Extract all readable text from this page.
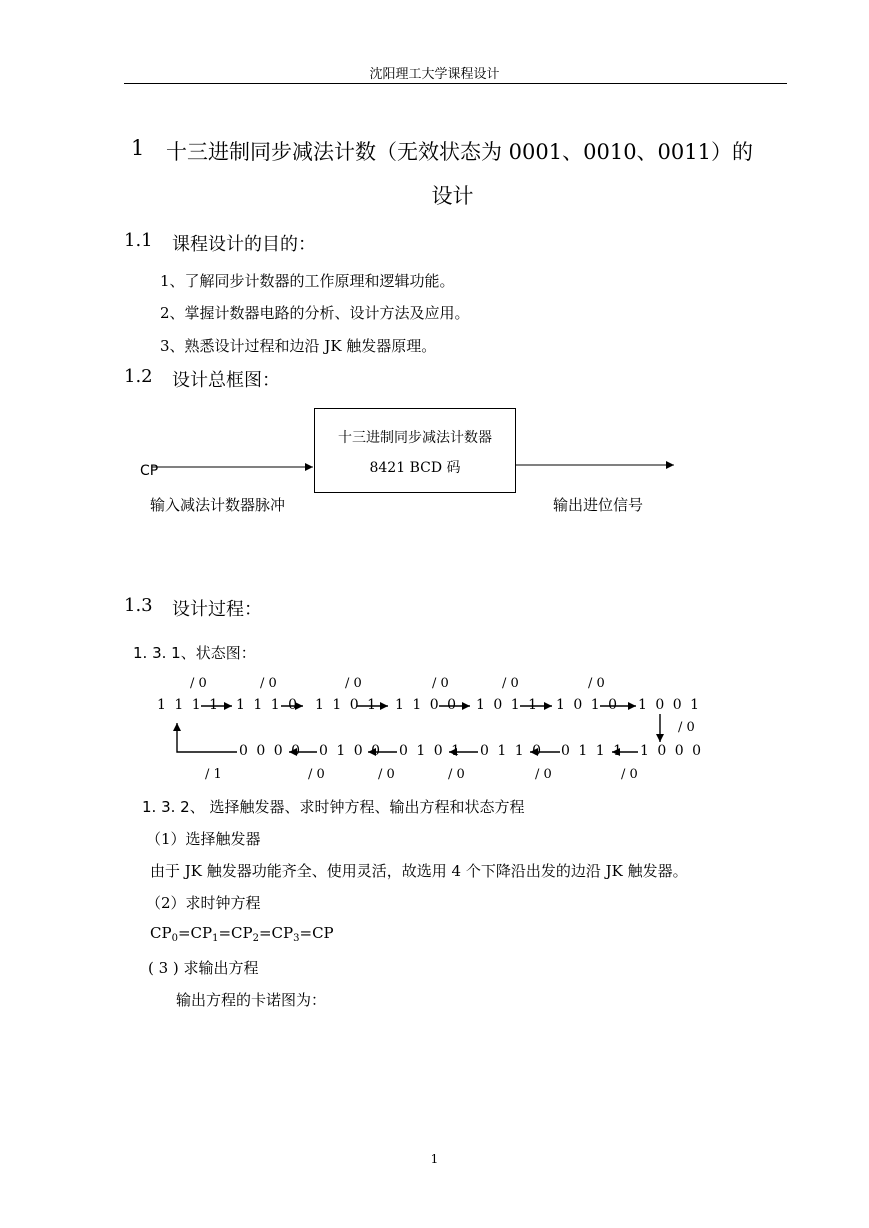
沈阳理工大学课程设计
1 十三进制同步减法计数（无效状态为 0001、0010、0011）的
设计
1.1 课程设计的目的：
1、了解同步计数器的工作原理和逻辑功能。
2、掌握计数器电路的分析、设计方法及应用。
3、熟悉设计过程和边沿 JK 触发器原理。
1.2 设计总框图：
十三进制同步减法计数器
8421 BCD 码
CP
输入减法计数器脉冲	输出进位信号
1.3 设计过程：
1. 3. 1、状态图：
/ 0	/ 0	/ 0	/ 0	/ 0	/ 0
1 1 1 1 1 1 1 0 1 1 0 1 1 1 0 0 1 0 1 1 1 0 1 0 1 0 0 1
/ 0
0 0 0 0 0 1 0 0 0 1 0 1 0 1 1 0 0 1 1 1 1 0 0 0
/ 1	/ 0	/ 0	/ 0	/ 0	/ 0
1. 3. 2、 选择触发器、求时钟方程、输出方程和状态方程
（1）选择触发器
由于 JK 触发器功能齐全、使用灵活，故选用 4 个下降沿出发的边沿 JK 触发器。
（2）求时钟方程
$CP_0=CP_1=CP_2=CP_3=CP$
( 3 ) 求输出方程
输出方程的卡诺图为：
1
